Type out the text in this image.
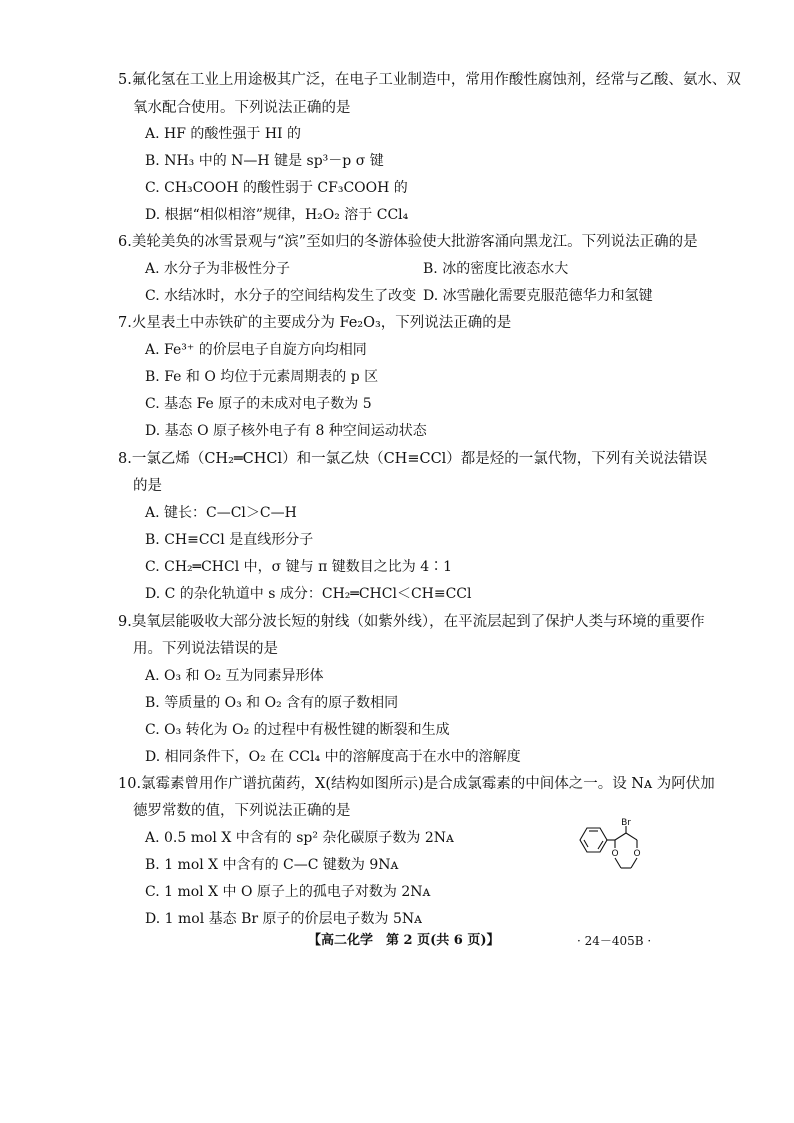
5.氟化氢在工业上用途极其广泛，在电子工业制造中，常用作酸性腐蚀剂，经常与乙酸、氨水、双
氧水配合使用。下列说法正确的是
A. HF 的酸性强于 HI 的
B. NH₃ 中的 N—H 键是 sp³－p σ 键
C. CH₃COOH 的酸性弱于 CF₃COOH 的
D. 根据“相似相溶”规律，H₂O₂ 溶于 CCl₄
6.美轮美奂的冰雪景观与“滨”至如归的冬游体验使大批游客涌向黑龙江。下列说法正确的是
A. 水分子为非极性分子	B. 冰的密度比液态水大
C. 水结冰时，水分子的空间结构发生了改变 D. 冰雪融化需要克服范德华力和氢键
7.火星表土中赤铁矿的主要成分为 Fe₂O₃，下列说法正确的是
A. Fe³⁺ 的价层电子自旋方向均相同
B. Fe 和 O 均位于元素周期表的 p 区
C. 基态 Fe 原子的未成对电子数为 5
D. 基态 O 原子核外电子有 8 种空间运动状态
8.一氯乙烯（CH₂═CHCl）和一氯乙炔（CH≡CCl）都是烃的一氯代物，下列有关说法错误
的是
A. 键长：C—Cl＞C—H
B. CH≡CCl 是直线形分子
C. CH₂═CHCl 中，σ 键与 π 键数目之比为 4∶1
D. C 的杂化轨道中 s 成分：CH₂═CHCl＜CH≡CCl
9.臭氧层能吸收大部分波长短的射线（如紫外线），在平流层起到了保护人类与环境的重要作
用。下列说法错误的是
A. O₃ 和 O₂ 互为同素异形体
B. 等质量的 O₃ 和 O₂ 含有的原子数相同
C. O₃ 转化为 O₂ 的过程中有极性键的断裂和生成
D. 相同条件下，O₂ 在 CCl₄ 中的溶解度高于在水中的溶解度
10.氯霉素曾用作广谱抗菌药，X(结构如图所示)是合成氯霉素的中间体之一。设 Nᴀ 为阿伏加
德罗常数的值，下列说法正确的是
A. 0.5 mol X 中含有的 sp² 杂化碳原子数为 2Nᴀ
B. 1 mol X 中含有的 C—C 键数为 9Nᴀ
C. 1 mol X 中 O 原子上的孤电子对数为 2Nᴀ
D. 1 mol 基态 Br 原子的价层电子数为 5Nᴀ
Br
O O
【高二化学　第 2 页(共 6 页)】	· 24－405B ·
